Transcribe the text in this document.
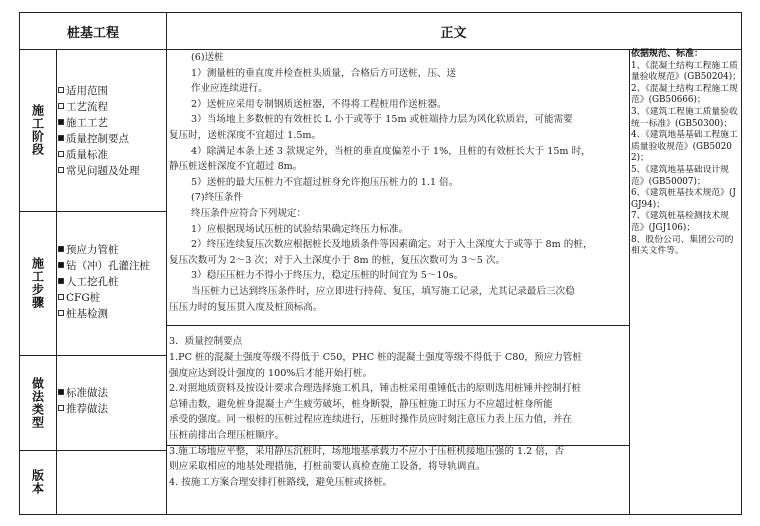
桩基工程	正文
施工阶段
适用范围
工艺流程
施工工艺
质量控制要点
质量标准
常见问题及处理
施工步骤
预应力管桩
钻（冲）孔灌注桩
人工挖孔桩
CFG桩
桩基检测
做法类型	标准做法
推荐做法
版本

(6)送桩

1）测量桩的垂直度并检查桩头质量，合格后方可送桩，压、送

作业应连续进行。

2）送桩应采用专制钢质送桩器，不得将工程桩用作送桩器。

3）当场地上多数桩的有效桩长 L 小于或等于 15m 或桩端持力层为风化软质岩，可能需要

复压时，送桩深度不宜超过 1.5m。

4）除满足本条上述 3 款规定外，当桩的垂直度偏差小于 1%，且桩的有效桩长大于 15m 时，

静压桩送桩深度不宜超过 8m。

5）送桩的最大压桩力不宜超过桩身允许抱压压桩力的 1.1 倍。

(7)终压条件

终压条件应符合下列规定：

1）应根据现场试压桩的试验结果确定终压力标准。

2）终压连续复压次数应根据桩长及地质条件等因素确定。对于入土深度大于或等于 8m 的桩，

复压次数可为 2～3 次；对于入土深度小于 8m 的桩，复压次数可为 3～5 次。

3）稳压压桩力不得小于终压力，稳定压桩的时间宜为 5～10s。

当压桩力已达到终压条件时，应立即进行持荷、复压，填写施工记录，尤其记录最后三次稳

压压力时的复压贯入度及桩顶标高。

3．质量控制要点

1.PC 桩的混凝土强度等级不得低于 C50，PHC 桩的混凝土强度等级不得低于 C80，预应力管桩

强度应达到设计强度的 100%后才能开始打桩。

2.对照地质资料及按设计要求合理选择施工机具，锤击桩采用重锤低击的原则选用桩锤并控制打桩

总锤击数，避免桩身混凝土产生疲劳破坏，桩身断裂，静压桩施工时压力不应超过桩身所能

承受的强度。同一根桩的压桩过程应连续进行，压桩时操作员应时刻注意压力表上压力值，并在

压桩前排出合理压桩顺序。

3.施工场地应平整，采用静压沉桩时，场地地基承载力不应小于压桩机接地压强的 1.2 倍，否

则应采取相应的地基处理措施，打桩前要认真检查施工设备，将导轨调直。

4. 按施工方案合理安排打桩路线，避免压桩或挤桩。

依据规范、标准：
1、《混凝土结构工程施工质量验收规范》(GB50204)；
2、《混凝土结构工程施工规范》(GB50666)；
3、《建筑工程施工质量验收统一标准》(GB50300)；
4、《建筑地基基础工程施工质量验收规范》(GB50202)；
5、《建筑地基基础设计规范》(GB50007)；
6、《建筑桩基技术规范》(JGJ94)；
7、《建筑桩基检测技术规范》(JGJ106)；
8、股份公司、集团公司的相关文件等。
